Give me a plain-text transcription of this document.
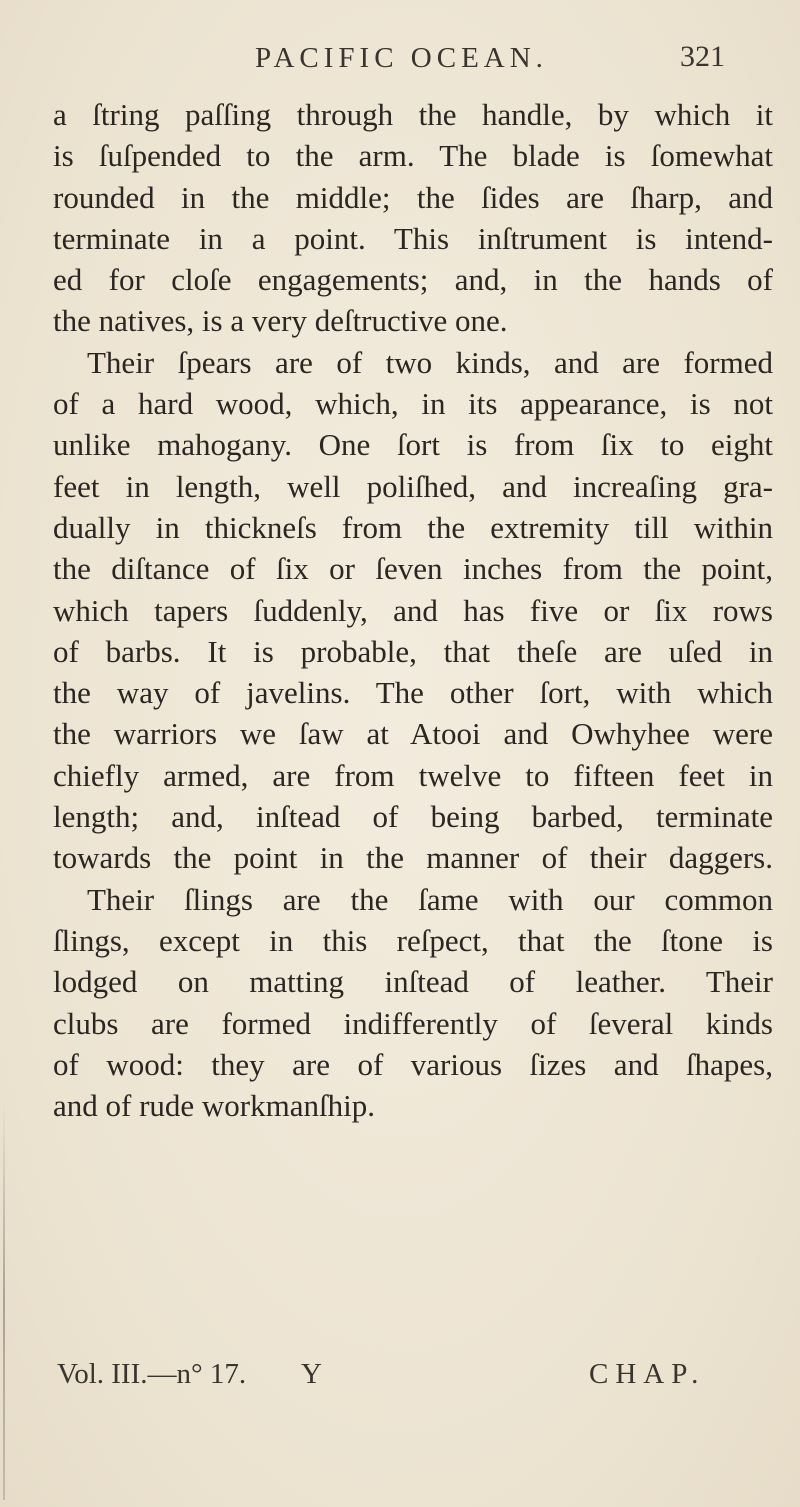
PACIFIC OCEAN.	321
a ſtring paſſing through the handle, by which it
is ſuſpended to the arm. The blade is ſomewhat
rounded in the middle; the ſides are ſharp, and
terminate in a point. This inſtrument is intend-
ed for cloſe engagements; and, in the hands of
the natives, is a very deſtructive one.
Their ſpears are of two kinds, and are formed
of a hard wood, which, in its appearance, is not
unlike mahogany. One ſort is from ſix to eight
feet in length, well poliſhed, and increaſing gra-
dually in thickneſs from the extremity till within
the diſtance of ſix or ſeven inches from the point,
which tapers ſuddenly, and has five or ſix rows
of barbs. It is probable, that theſe are uſed in
the way of javelins. The other ſort, with which
the warriors we ſaw at Atooi and Owhyhee were
chiefly armed, are from twelve to fifteen feet in
length; and, inſtead of being barbed, terminate
towards the point in the manner of their daggers.
Their ſlings are the ſame with our common
ſlings, except in this reſpect, that the ſtone is
lodged on matting inſtead of leather. Their
clubs are formed indifferently of ſeveral kinds
of wood: they are of various ſizes and ſhapes,
and of rude workmanſhip.
Vol. III.—n° 17. Y	CHAP.
